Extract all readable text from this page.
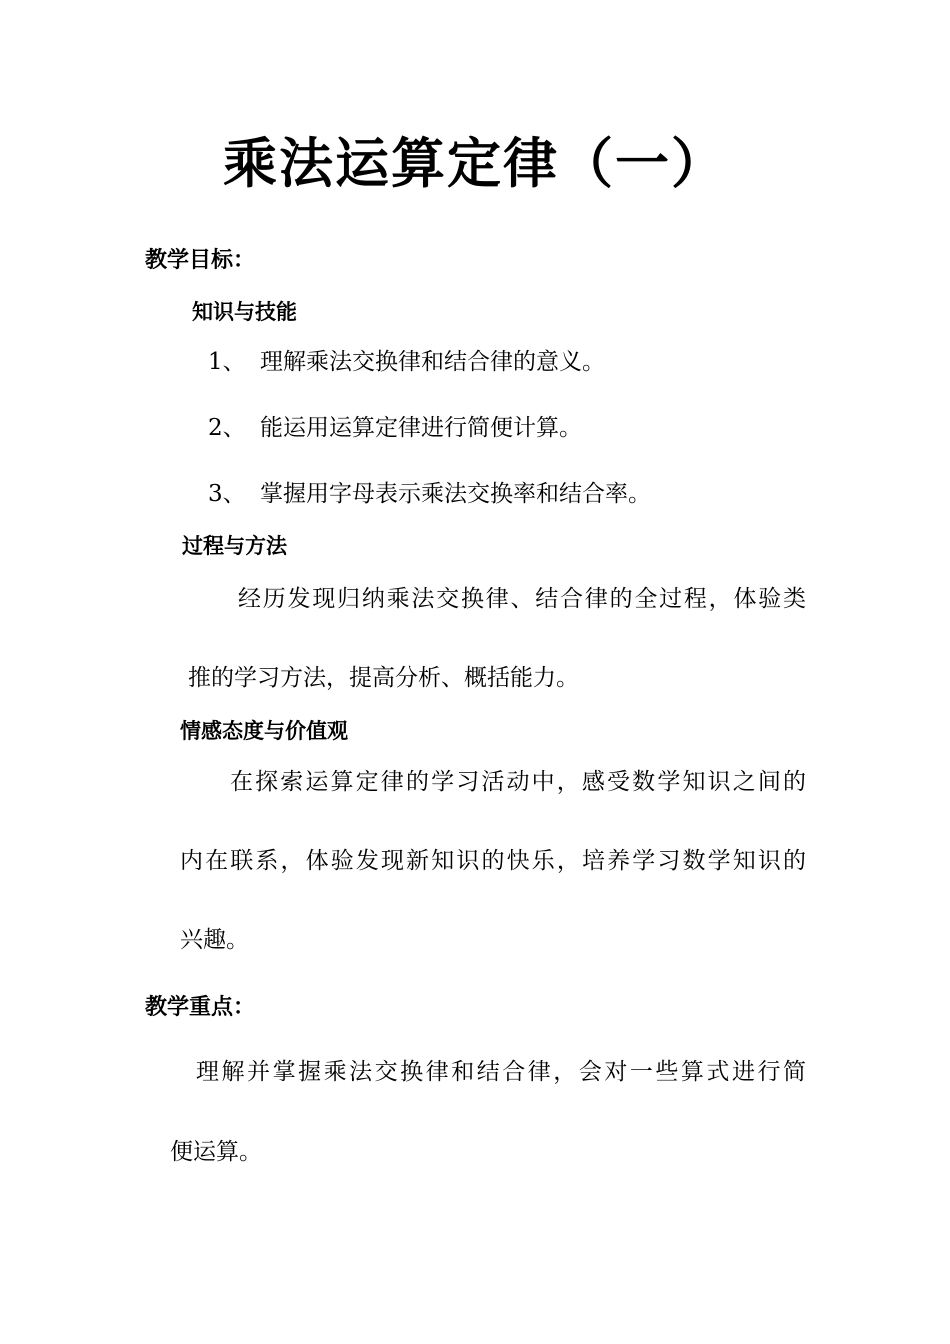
乘法运算定律（一）
教学目标：
知识与技能
1、 理解乘法交换律和结合律的意义。
2、 能运用运算定律进行简便计算。
3、 掌握用字母表示乘法交换率和结合率。
过程与方法
经历发现归纳乘法交换律、结合律的全过程，体验类
推的学习方法，提高分析、概括能力。
情感态度与价值观
在探索运算定律的学习活动中，感受数学知识之间的
内在联系，体验发现新知识的快乐，培养学习数学知识的
兴趣。
教学重点：
理解并掌握乘法交换律和结合律，会对一些算式进行简
便运算。
